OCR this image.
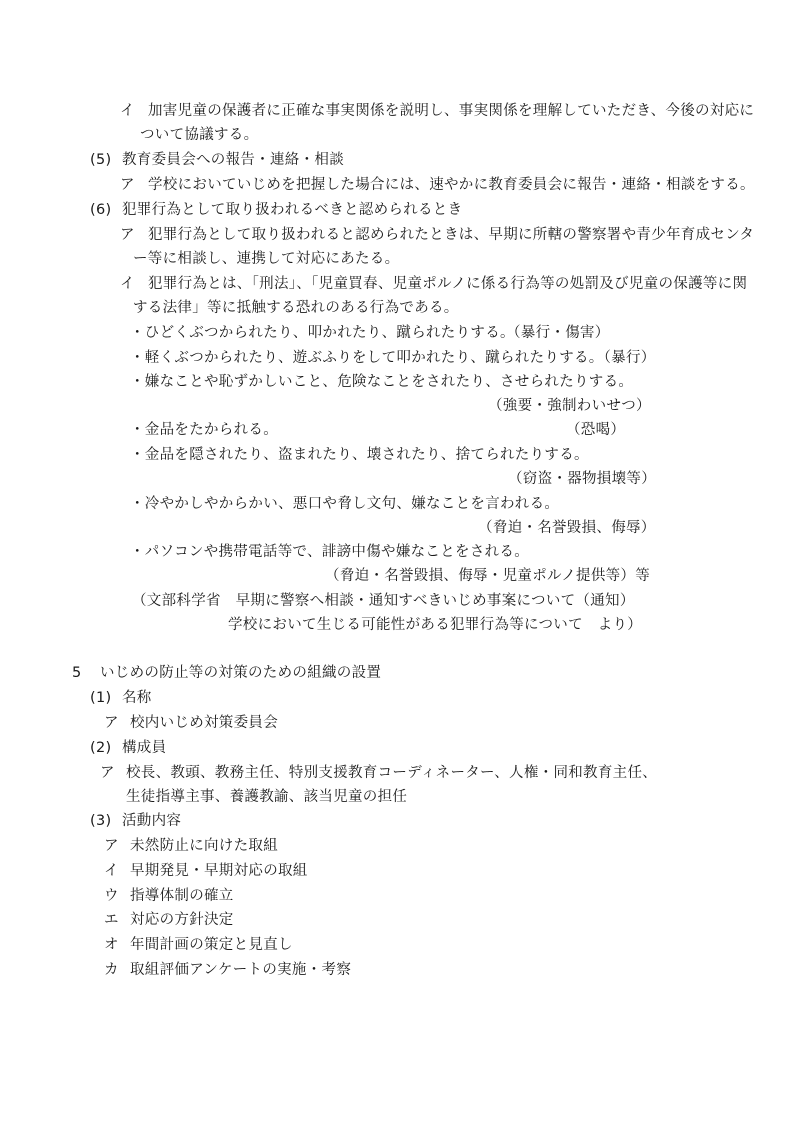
イ 加害児童の保護者に正確な事実関係を説明し、事実関係を理解していただき、今後の対応に
ついて協議する。
(5) 教育委員会への報告・連絡・相談
ア 学校においていじめを把握した場合には、速やかに教育委員会に報告・連絡・相談をする。
(6) 犯罪行為として取り扱われるべきと認められるとき
ア 犯罪行為として取り扱われると認められたときは、早期に所轄の警察署や青少年育成センタ
ー等に相談し、連携して対応にあたる。
イ 犯罪行為とは、「刑法」、「児童買春、児童ポルノに係る行為等の処罰及び児童の保護等に関
する法律」等に抵触する恐れのある行為である。
・ひどくぶつかられたり、叩かれたり、蹴られたりする。
（暴行・傷害）
・軽くぶつかられたり、遊ぶふりをして叩かれたり、蹴られたりする。（暴行）
・嫌なことや恥ずかしいこと、危険なことをされたり、させられたりする。
（強要・強制わいせつ）
・金品をたかられる。	（恐喝）
・金品を隠されたり、盗まれたり、壊されたり、捨てられたりする。
（窃盗・器物損壊等）
・冷やかしやからかい、悪口や脅し文句、嫌なことを言われる。
（脅迫・名誉毀損、侮辱）
・パソコンや携帯電話等で、誹謗中傷や嫌なことをされる。
（脅迫・名誉毀損、侮辱・児童ポルノ提供等）等
（文部科学省　早期に警察へ相談・通知すべきいじめ事案について（通知）
学校において生じる可能性がある犯罪行為等について　より）
5 いじめの防止等の対策のための組織の設置
(1) 名称
ア 校内いじめ対策委員会
(2) 構成員
ア 校長、教頭、教務主任、特別支援教育コーディネーター、人権・同和教育主任、
生徒指導主事、養護教諭、該当児童の担任
(3) 活動内容
ア 未然防止に向けた取組
イ 早期発見・早期対応の取組
ウ 指導体制の確立
エ 対応の方針決定
オ 年間計画の策定と見直し
カ 取組評価アンケートの実施・考察
